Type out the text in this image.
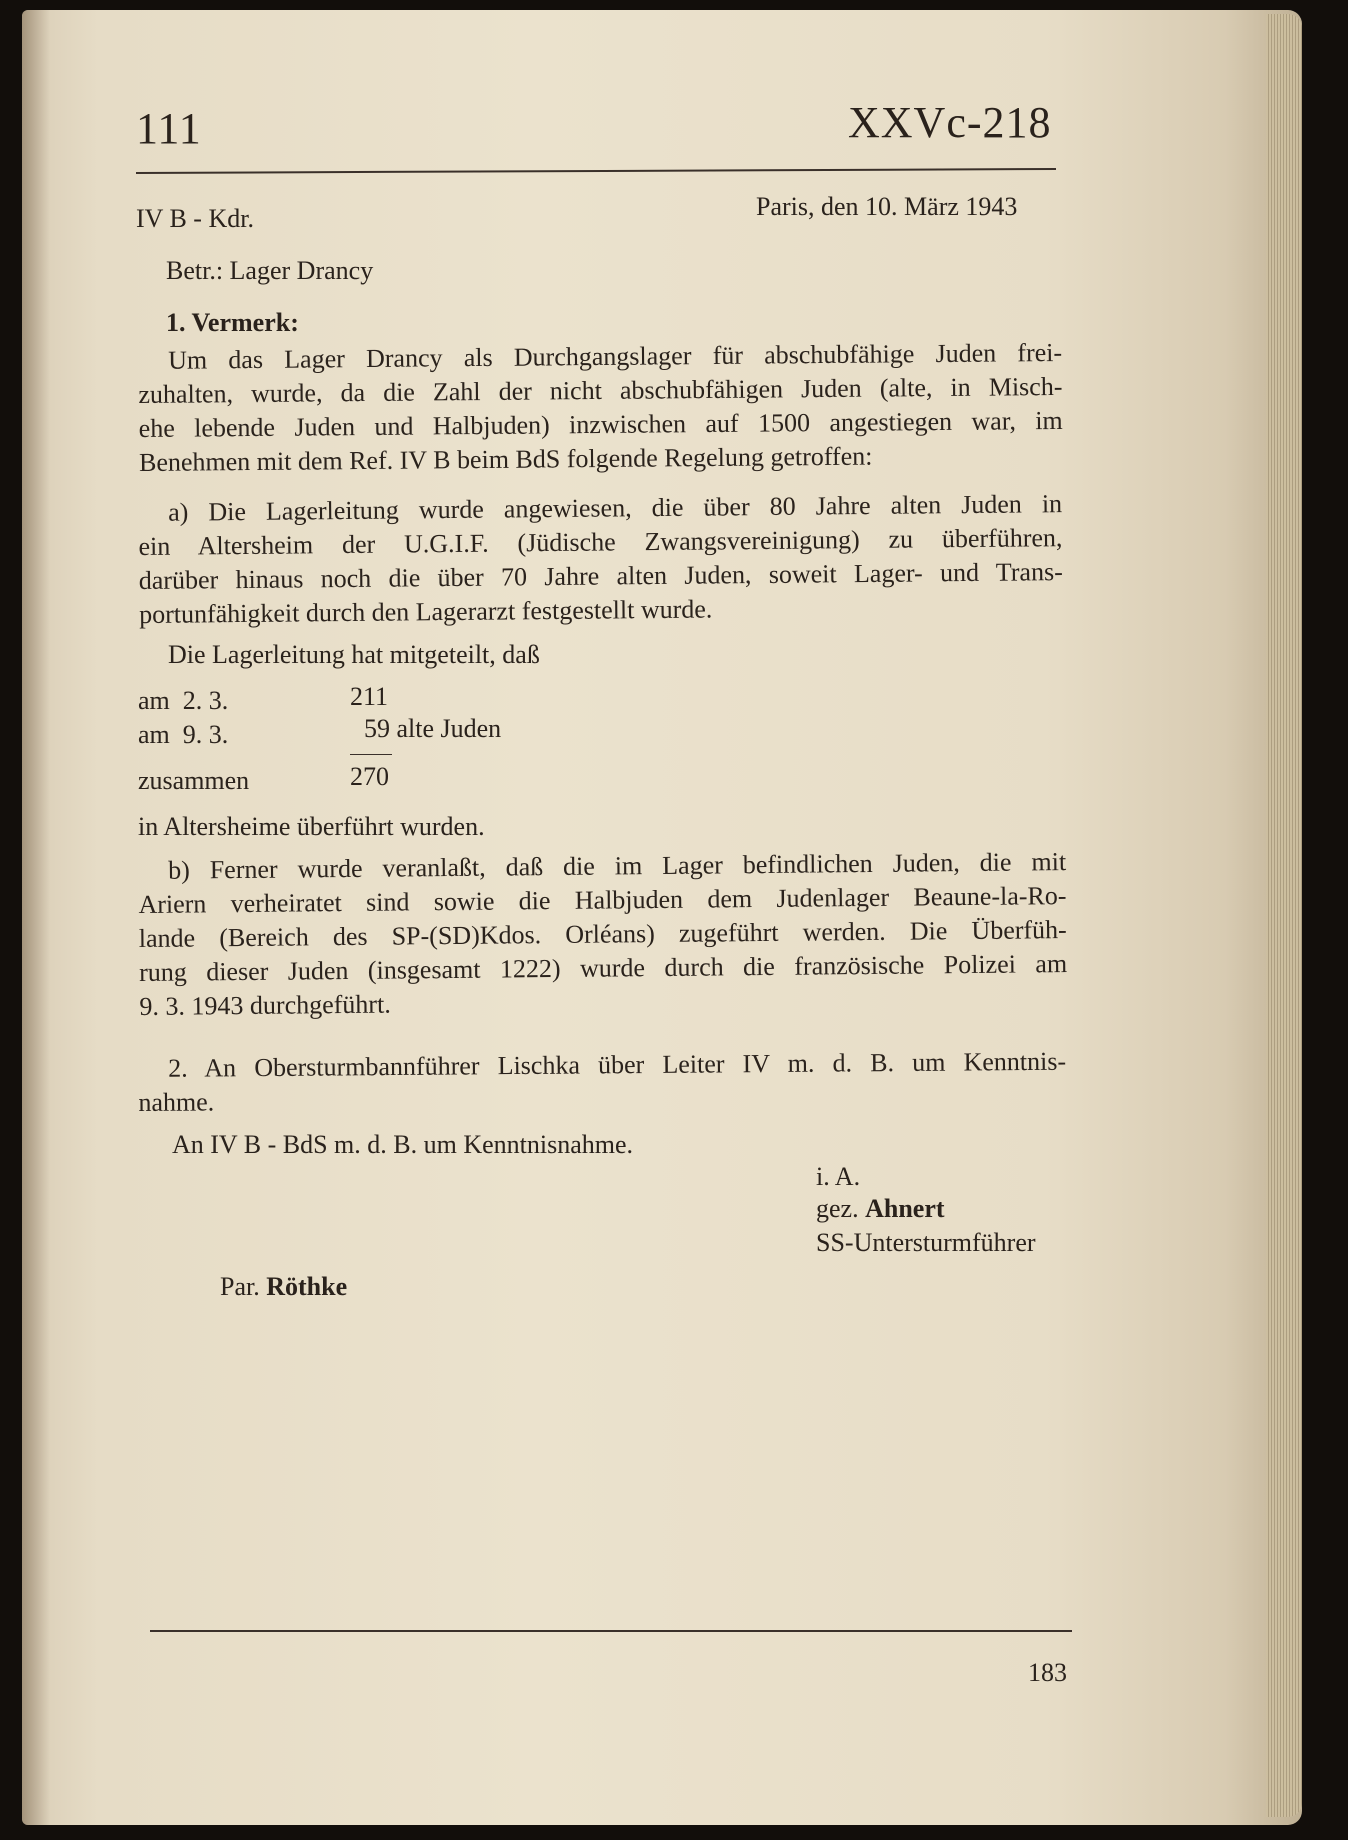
111	XXVc-218
IV B - Kdr.	Paris, den 10. März 1943
Betr.: Lager Drancy
1. Vermerk:
Um das Lager Drancy als Durchgangslager für abschubfähige Juden frei-
zuhalten, wurde, da die Zahl der nicht abschubfähigen Juden (alte, in Misch-
ehe lebende Juden und Halbjuden) inzwischen auf 1500 angestiegen war, im
Benehmen mit dem Ref. IV B beim BdS folgende Regelung getroffen:
a) Die Lagerleitung wurde angewiesen, die über 80 Jahre alten Juden in
ein Altersheim der U.G.I.F. (Jüdische Zwangsvereinigung) zu überführen,
darüber hinaus noch die über 70 Jahre alten Juden, soweit Lager- und Trans-
portunfähigkeit durch den Lagerarzt festgestellt wurde.
Die Lagerleitung hat mitgeteilt, daß
am  2. 3.	211
am  9. 3.	59 alte Juden
zusammen	270
in Altersheime überführt wurden.
b) Ferner wurde veranlaßt, daß die im Lager befindlichen Juden, die mit
Ariern verheiratet sind sowie die Halbjuden dem Judenlager Beaune-la-Ro-
lande (Bereich des SP-(SD)Kdos. Orléans) zugeführt werden. Die Überfüh-
rung dieser Juden (insgesamt 1222) wurde durch die französische Polizei am
9. 3. 1943 durchgeführt.
2. An Obersturmbannführer Lischka über Leiter IV m. d. B. um Kenntnis-
nahme.
An IV B - BdS m. d. B. um Kenntnisnahme.
i. A.
gez. Ahnert
SS-Untersturmführer
Par. Röthke
183
